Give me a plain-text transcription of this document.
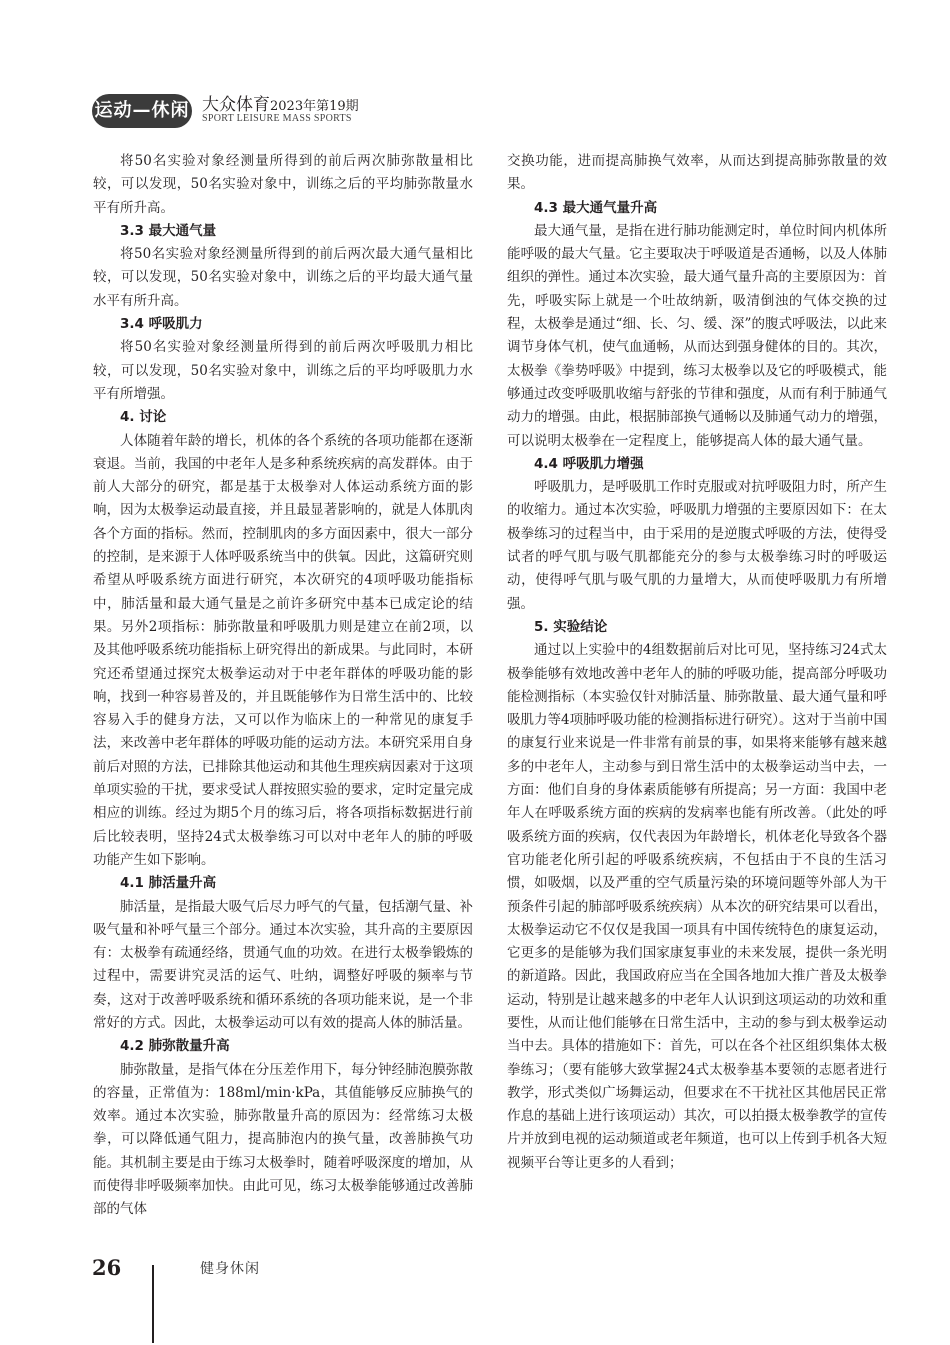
运动—休闲 大众体育2023年第19期
SPORT LEISURE MASS SPORTS

将50名实验对象经测量所得到的前后两次肺弥散量相比较，可以发现，50名实验对象中，训练之后的平均肺弥散量水平有所升高。

3.3 最大通气量

将50名实验对象经测量所得到的前后两次最大通气量相比较，可以发现，50名实验对象中，训练之后的平均最大通气量水平有所升高。

3.4 呼吸肌力

将50名实验对象经测量所得到的前后两次呼吸肌力相比较，可以发现，50名实验对象中，训练之后的平均呼吸肌力水平有所增强。

4. 讨论

人体随着年龄的增长，机体的各个系统的各项功能都在逐渐衰退。当前，我国的中老年人是多种系统疾病的高发群体。由于前人大部分的研究，都是基于太极拳对人体运动系统方面的影响，因为太极拳运动最直接，并且最显著影响的，就是人体肌肉各个方面的指标。然而，控制肌肉的多方面因素中，很大一部分的控制，是来源于人体呼吸系统当中的供氧。因此，这篇研究则希望从呼吸系统方面进行研究，本次研究的4项呼吸功能指标中，肺活量和最大通气量是之前许多研究中基本已成定论的结果。另外2项指标：肺弥散量和呼吸肌力则是建立在前2项，以及其他呼吸系统功能指标上研究得出的新成果。与此同时，本研究还希望通过探究太极拳运动对于中老年群体的呼吸功能的影响，找到一种容易普及的，并且既能够作为日常生活中的、比较容易入手的健身方法，又可以作为临床上的一种常见的康复手法，来改善中老年群体的呼吸功能的运动方法。本研究采用自身前后对照的方法，已排除其他运动和其他生理疾病因素对于这项单项实验的干扰，要求受试人群按照实验的要求，定时定量完成相应的训练。经过为期5个月的练习后，将各项指标数据进行前后比较表明，坚持24式太极拳练习可以对中老年人的肺的呼吸功能产生如下影响。

4.1 肺活量升高

肺活量，是指最大吸气后尽力呼气的气量，包括潮气量、补吸气量和补呼气量三个部分。通过本次实验，其升高的主要原因有：太极拳有疏通经络，贯通气血的功效。在进行太极拳锻炼的过程中，需要讲究灵活的运气、吐纳，调整好呼吸的频率与节奏，这对于改善呼吸系统和循环系统的各项功能来说，是一个非常好的方式。因此，太极拳运动可以有效的提高人体的肺活量。

4.2 肺弥散量升高

肺弥散量，是指气体在分压差作用下，每分钟经肺泡膜弥散的容量，正常值为：188ml/min·kPa，其值能够反应肺换气的效率。通过本次实验，肺弥散量升高的原因为：经常练习太极拳，可以降低通气阻力，提高肺泡内的换气量，改善肺换气功能。其机制主要是由于练习太极拳时，随着呼吸深度的增加，从而使得非呼吸频率加快。由此可见，练习太极拳能够通过改善肺部的气体

交换功能，进而提高肺换气效率，从而达到提高肺弥散量的效果。

4.3 最大通气量升高

最大通气量，是指在进行肺功能测定时，单位时间内机体所能呼吸的最大气量。它主要取决于呼吸道是否通畅，以及人体肺组织的弹性。通过本次实验，最大通气量升高的主要原因为：首先，呼吸实际上就是一个吐故纳新，吸清倒浊的气体交换的过程，太极拳是通过“细、长、匀、缓、深”的腹式呼吸法，以此来调节身体气机，使气血通畅，从而达到强身健体的目的。其次，太极拳《拳势呼吸》中提到，练习太极拳以及它的呼吸模式，能够通过改变呼吸肌收缩与舒张的节律和强度，从而有利于肺通气动力的增强。由此，根据肺部换气通畅以及肺通气动力的增强，可以说明太极拳在一定程度上，能够提高人体的最大通气量。

4.4 呼吸肌力增强

呼吸肌力，是呼吸肌工作时克服或对抗呼吸阻力时，所产生的收缩力。通过本次实验，呼吸肌力增强的主要原因如下：在太极拳练习的过程当中，由于采用的是逆腹式呼吸的方法，使得受试者的呼气肌与吸气肌都能充分的参与太极拳练习时的呼吸运动，使得呼气肌与吸气肌的力量增大，从而使呼吸肌力有所增强。

5. 实验结论

通过以上实验中的4组数据前后对比可见，坚持练习24式太极拳能够有效地改善中老年人的肺的呼吸功能，提高部分呼吸功能检测指标（本实验仅针对肺活量、肺弥散量、最大通气量和呼吸肌力等4项肺呼吸功能的检测指标进行研究）。这对于当前中国的康复行业来说是一件非常有前景的事，如果将来能够有越来越多的中老年人，主动参与到日常生活中的太极拳运动当中去，一方面：他们自身的身体素质能够有所提高；另一方面：我国中老年人在呼吸系统方面的疾病的发病率也能有所改善。（此处的呼吸系统方面的疾病，仅代表因为年龄增长，机体老化导致各个器官功能老化所引起的呼吸系统疾病，不包括由于不良的生活习惯，如吸烟，以及严重的空气质量污染的环境问题等外部人为干预条件引起的肺部呼吸系统疾病）从本次的研究结果可以看出，太极拳运动它不仅仅是我国一项具有中国传统特色的康复运动，它更多的是能够为我们国家康复事业的未来发展，提供一条光明的新道路。因此，我国政府应当在全国各地加大推广普及太极拳运动，特别是让越来越多的中老年人认识到这项运动的功效和重要性，从而让他们能够在日常生活中，主动的参与到太极拳运动当中去。具体的措施如下：首先，可以在各个社区组织集体太极拳练习；（要有能够大致掌握24式太极拳基本要领的志愿者进行教学，形式类似广场舞运动，但要求在不干扰社区其他居民正常作息的基础上进行该项运动）其次，可以拍摄太极拳教学的宣传片并放到电视的运动频道或老年频道，也可以上传到手机各大短视频平台等让更多的人看到；

26	健身休闲
